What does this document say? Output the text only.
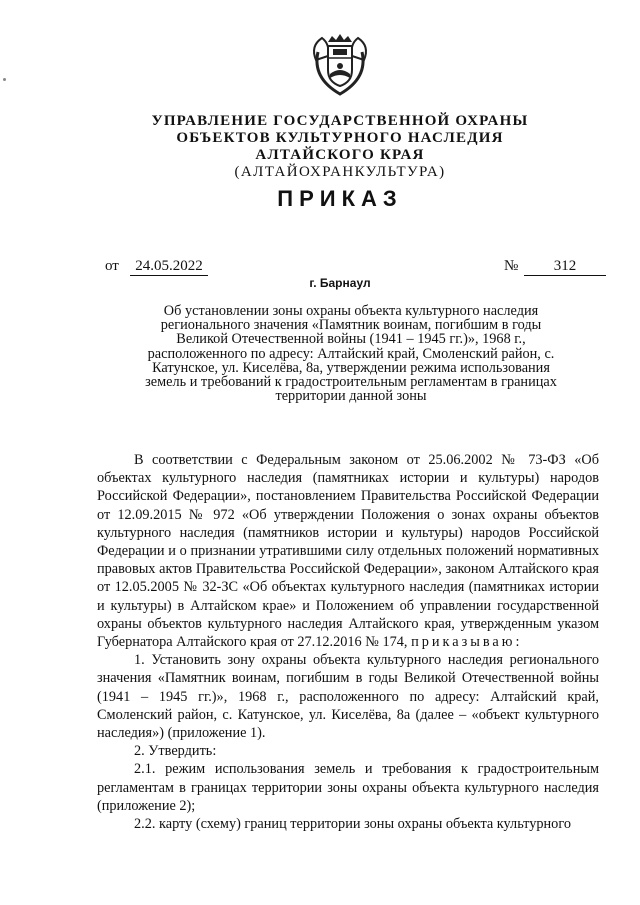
УПРАВЛЕНИЕ ГОСУДАРСТВЕННОЙ ОХРАНЫ
ОБЪЕКТОВ КУЛЬТУРНОГО НАСЛЕДИЯ
АЛТАЙСКОГО КРАЯ
(АЛТАЙОХРАНКУЛЬТУРА)
ПРИКАЗ
от	24.05.2022	№	312
г. Барнаул
Об установлении зоны охраны объекта культурного наследия регионального значения «Памятник воинам, погибшим в годы Великой Отечественной войны (1941 – 1945 гг.)», 1968 г., расположенного по адресу: Алтайский край, Смоленский район, с. Катунское, ул. Киселёва, 8а, утверждении режима использования земель и требований к градостроительным регламентам в границах территории данной зоны

В соответствии с Федеральным законом от 25.06.2002 № 73-ФЗ «Об объектах культурного наследия (памятниках истории и культуры) народов Российской Федерации», постановлением Правительства Российской Федерации от 12.09.2015 № 972 «Об утверждении Положения о зонах охраны объектов культурного наследия (памятников истории и культуры) народов Российской Федерации и о признании утратившими силу отдельных положений нормативных правовых актов Правительства Российской Федерации», законом Алтайского края от 12.05.2005 № 32-ЗС «Об объектах культурного наследия (памятниках истории и культуры) в Алтайском крае» и Положением об управлении государственной охраны объектов культурного наследия Алтайского края, утвержденным указом Губернатора Алтайского края от 27.12.2016 № 174, приказываю:

1. Установить зону охраны объекта культурного наследия регионального значения «Памятник воинам, погибшим в годы Великой Отечественной войны (1941 – 1945 гг.)», 1968 г., расположенного по адресу: Алтайский край, Смоленский район, с. Катунское, ул. Киселёва, 8а (далее – «объект культурного наследия») (приложение 1).

2. Утвердить:

2.1. режим использования земель и требования к градостроительным регламентам в границах территории зоны охраны объекта культурного наследия (приложение 2);

2.2. карту (схему) границ территории зоны охраны объекта культурного
